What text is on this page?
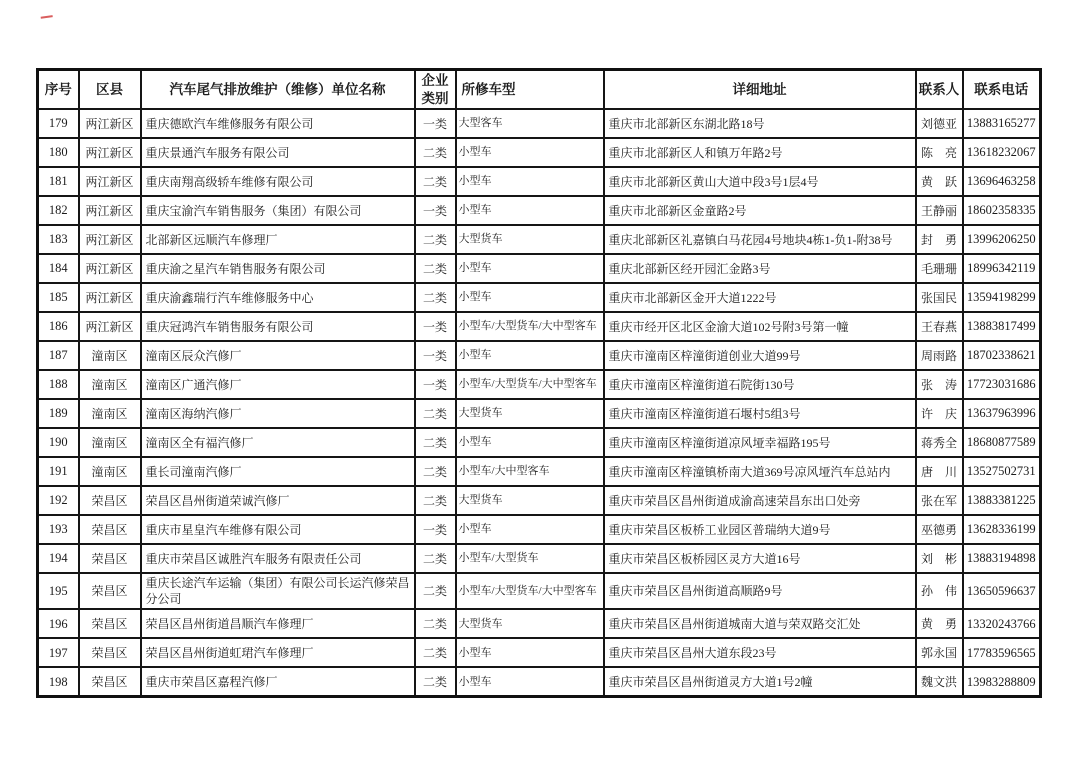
序号	区县	汽车尾气排放维护（维修）单位名称	企业类别	所修车型	详细地址	联系人	联系电话
179	两江新区	重庆德欧汽车维修服务有限公司	一类	大型客车	重庆市北部新区东湖北路18号	刘德亚	13883165277
180	两江新区	重庆景通汽车服务有限公司	二类	小型车	重庆市北部新区人和镇万年路2号	陈　亮	13618232067
181	两江新区	重庆南翔高级轿车维修有限公司	二类	小型车	重庆市北部新区黄山大道中段3号1层4号	黄　跃	13696463258
182	两江新区	重庆宝渝汽车销售服务（集团）有限公司	一类	小型车	重庆市北部新区金童路2号	王静丽	18602358335
183	两江新区	北部新区远顺汽车修理厂	二类	大型货车	重庆北部新区礼嘉镇白马花园4号地块4栋1-负1-附38号	封　勇	13996206250
184	两江新区	重庆渝之星汽车销售服务有限公司	二类	小型车	重庆北部新区经开园汇金路3号	毛珊珊	18996342119
185	两江新区	重庆渝鑫瑞行汽车维修服务中心	二类	小型车	重庆市北部新区金开大道1222号	张国民	13594198299
186	两江新区	重庆冠鸿汽车销售服务有限公司	一类	小型车/大型货车/大中型客车	重庆市经开区北区金渝大道102号附3号第一幢	王春燕	13883817499
187	潼南区	潼南区辰众汽修厂	一类	小型车	重庆市潼南区梓潼街道创业大道99号	周雨路	18702338621
188	潼南区	潼南区广通汽修厂	一类	小型车/大型货车/大中型客车	重庆市潼南区梓潼街道石院街130号	张　涛	17723031686
189	潼南区	潼南区海纳汽修厂	二类	大型货车	重庆市潼南区梓潼街道石堰村5组3号	许　庆	13637963996
190	潼南区	潼南区全有福汽修厂	二类	小型车	重庆市潼南区梓潼街道凉风垭幸福路195号	蒋秀全	18680877589
191	潼南区	重长司潼南汽修厂	二类	小型车/大中型客车	重庆市潼南区梓潼镇桥南大道369号凉风垭汽车总站内	唐　川	13527502731
192	荣昌区	荣昌区昌州街道荣诚汽修厂	二类	大型货车	重庆市荣昌区昌州街道成渝高速荣昌东出口处旁	张在军	13883381225
193	荣昌区	重庆市星皇汽车维修有限公司	一类	小型车	重庆市荣昌区板桥工业园区普瑞纳大道9号	巫德勇	13628336199
194	荣昌区	重庆市荣昌区诚胜汽车服务有限责任公司	二类	小型车/大型货车	重庆市荣昌区板桥园区灵方大道16号	刘　彬	13883194898
195	荣昌区	重庆长途汽车运输（集团）有限公司长运汽修荣昌分公司	二类	小型车/大型货车/大中型客车	重庆市荣昌区昌州街道高顺路9号	孙　伟	13650596637
196	荣昌区	荣昌区昌州街道昌顺汽车修理厂	二类	大型货车	重庆市荣昌区昌州街道城南大道与荣双路交汇处	黄　勇	13320243766
197	荣昌区	荣昌区昌州街道虹珺汽车修理厂	二类	小型车	重庆市荣昌区昌州大道东段23号	郭永国	17783596565
198	荣昌区	重庆市荣昌区嘉程汽修厂	二类	小型车	重庆市荣昌区昌州街道灵方大道1号2幢	魏文洪	13983288809
